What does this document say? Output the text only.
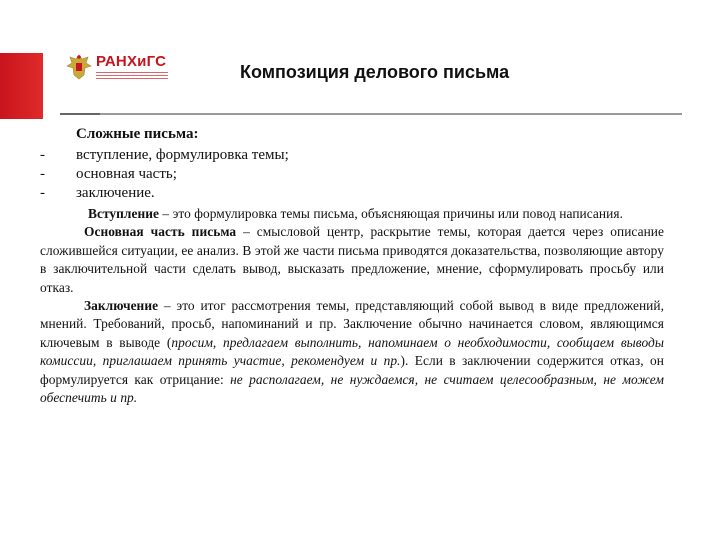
РАНХиГС
Композиция делового письма

Сложные письма:

- вступление, формулировка темы;
- основная часть;
- заключение.

Вступление – это формулировка темы письма, объясняющая причины или повод написания.

Основная часть письма – смысловой центр, раскрытие темы, которая дается через описание сложившейся ситуации, ее анализ. В этой же части письма приводятся доказательства, позволяющие автору в заключительной части сделать вывод, высказать предложение, мнение, сформулировать просьбу или отказ.

Заключение – это итог рассмотрения темы, представляющий собой вывод в виде предложений, мнений. Требований, просьб, напоминаний и пр. Заключение обычно начинается словом, являющимся ключевым в выводе (просим, предлагаем выполнить, напоминаем о необходимости, сообщаем выводы комиссии, приглашаем принять участие, рекомендуем и пр.). Если в заключении содержится отказ, он формулируется как отрицание: не располагаем, не нуждаемся, не считаем целесообразным, не можем обеспечить и пр.
